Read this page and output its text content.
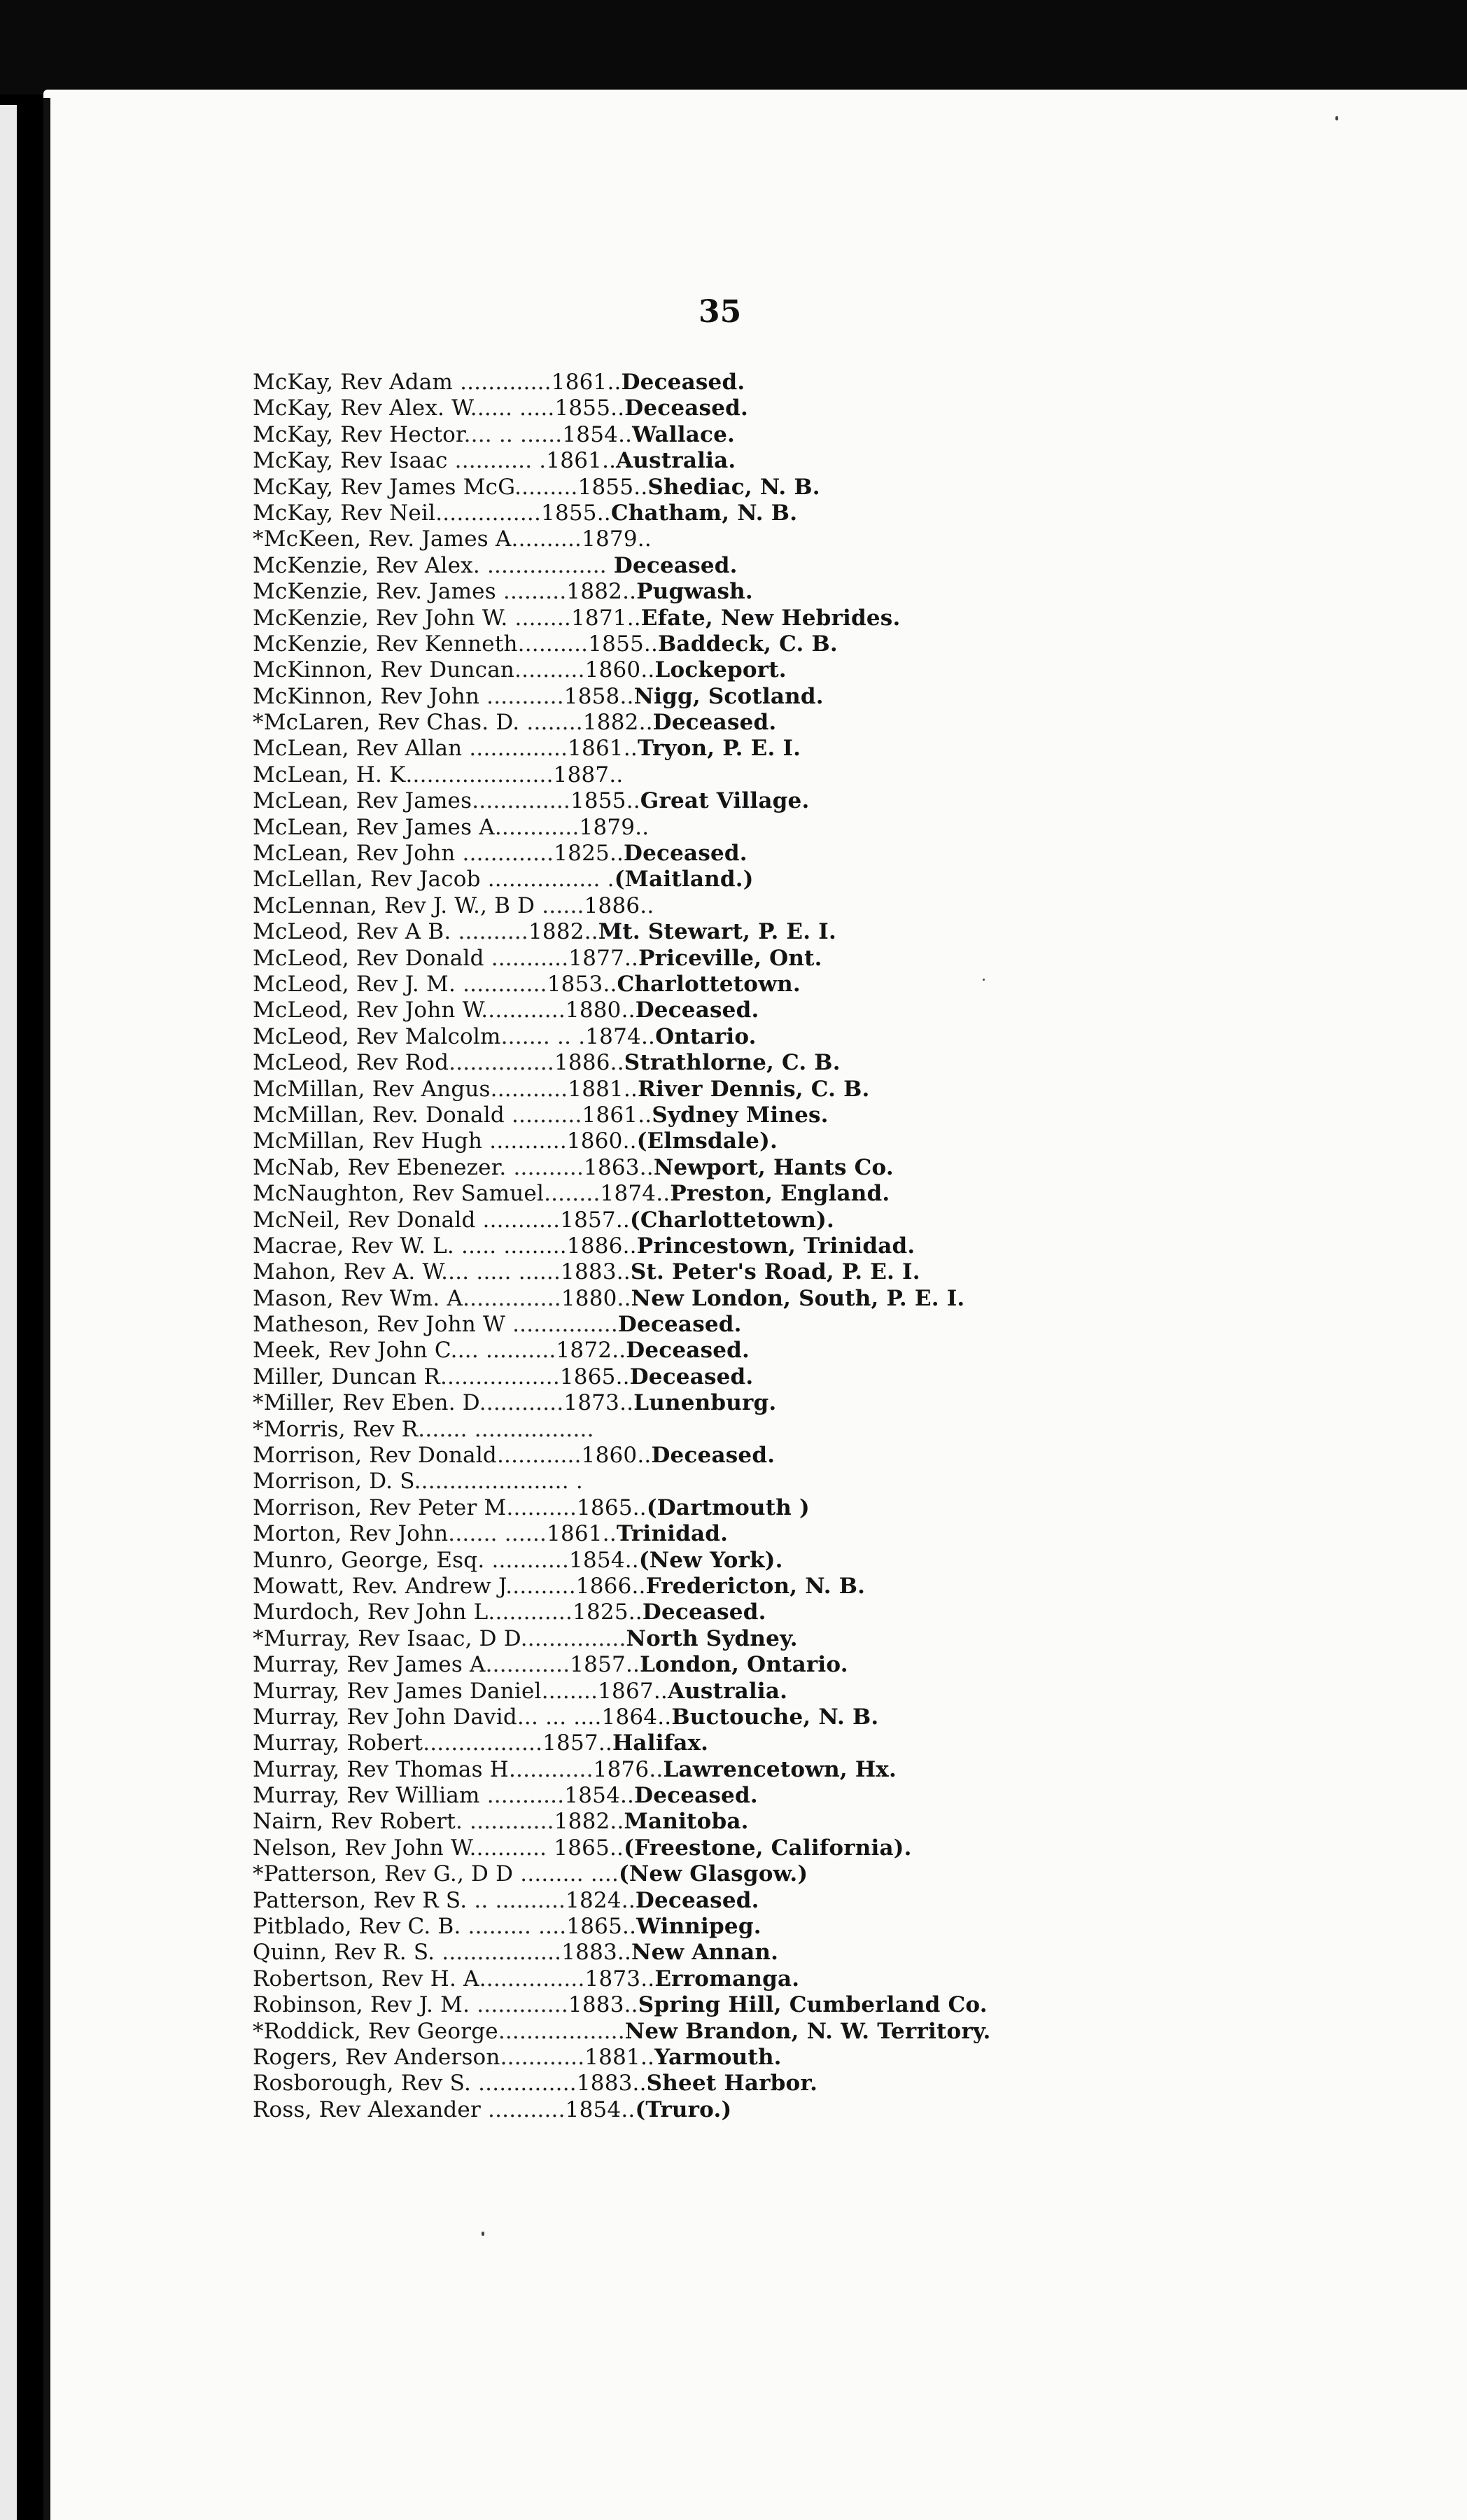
35
McKay, Rev Adam .............1861..Deceased.
McKay, Rev Alex. W...... .....1855..Deceased.
McKay, Rev Hector.... .. ......1854..Wallace.
McKay, Rev Isaac ........... .1861..Australia.
McKay, Rev James McG.........1855..Shediac, N. B.
McKay, Rev Neil...............1855..Chatham, N. B.
*McKeen, Rev. James A..........1879..
McKenzie, Rev Alex. ................. Deceased.
McKenzie, Rev. James .........1882..Pugwash.
McKenzie, Rev John W. ........1871..Efate, New Hebrides.
McKenzie, Rev Kenneth..........1855..Baddeck, C. B.
McKinnon, Rev Duncan..........1860..Lockeport.
McKinnon, Rev John ...........1858..Nigg, Scotland.
*McLaren, Rev Chas. D. ........1882..Deceased.
McLean, Rev Allan ..............1861..Tryon, P. E. I.
McLean, H. K.....................1887..
McLean, Rev James..............1855..Great Village.
McLean, Rev James A............1879..
McLean, Rev John .............1825..Deceased.
McLellan, Rev Jacob ................ .(Maitland.)
McLennan, Rev J. W., B D ......1886..
McLeod, Rev A B. ..........1882..Mt. Stewart, P. E. I.
McLeod, Rev Donald ...........1877..Priceville, Ont.
McLeod, Rev J. M. ............1853..Charlottetown.
McLeod, Rev John W............1880..Deceased.
McLeod, Rev Malcolm....... .. .1874..Ontario.
McLeod, Rev Rod...............1886..Strathlorne, C. B.
McMillan, Rev Angus...........1881..River Dennis, C. B.
McMillan, Rev. Donald ..........1861..Sydney Mines.
McMillan, Rev Hugh ...........1860..(Elmsdale).
McNab, Rev Ebenezer. ..........1863..Newport, Hants Co.
McNaughton, Rev Samuel........1874..Preston, England.
McNeil, Rev Donald ...........1857..(Charlottetown).
Macrae, Rev W. L. ..... .........1886..Princestown, Trinidad.
Mahon, Rev A. W.... ..... ......1883..St. Peter's Road, P. E. I.
Mason, Rev Wm. A..............1880..New London, South, P. E. I.
Matheson, Rev John W ...............Deceased.
Meek, Rev John C.... ..........1872..Deceased.
Miller, Duncan R.................1865..Deceased.
*Miller, Rev Eben. D............1873..Lunenburg.
*Morris, Rev R....... .................
Morrison, Rev Donald............1860..Deceased.
Morrison, D. S...................... .
Morrison, Rev Peter M..........1865..(Dartmouth )
Morton, Rev John....... ......1861..Trinidad.
Munro, George, Esq. ...........1854..(New York).
Mowatt, Rev. Andrew J..........1866..Fredericton, N. B.
Murdoch, Rev John L............1825..Deceased.
*Murray, Rev Isaac, D D...............North Sydney.
Murray, Rev James A............1857..London, Ontario.
Murray, Rev James Daniel........1867..Australia.
Murray, Rev John David... ... ....1864..Buctouche, N. B.
Murray, Robert.................1857..Halifax.
Murray, Rev Thomas H............1876..Lawrencetown, Hx.
Murray, Rev William ...........1854..Deceased.
Nairn, Rev Robert. ............1882..Manitoba.
Nelson, Rev John W........... 1865..(Freestone, California).
*Patterson, Rev G., D D ......... ....(New Glasgow.)
Patterson, Rev R S. .. ..........1824..Deceased.
Pitblado, Rev C. B. ......... ....1865..Winnipeg.
Quinn, Rev R. S. .................1883..New Annan.
Robertson, Rev H. A...............1873..Erromanga.
Robinson, Rev J. M. .............1883..Spring Hill, Cumberland Co.
*Roddick, Rev George..................New Brandon, N. W. Territory.
Rogers, Rev Anderson............1881..Yarmouth.
Rosborough, Rev S. ..............1883..Sheet Harbor.
Ross, Rev Alexander ...........1854..(Truro.)
